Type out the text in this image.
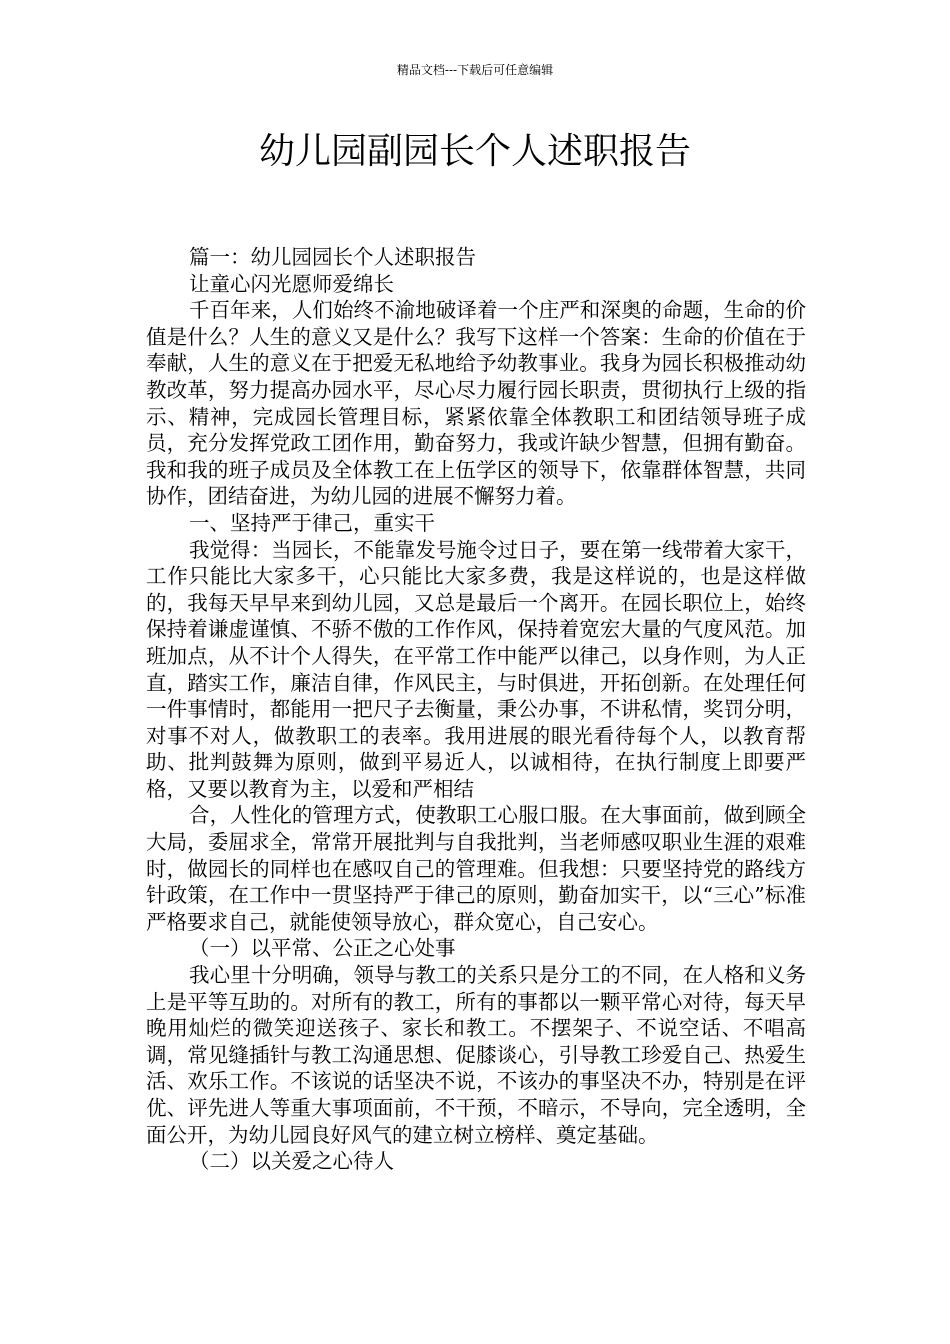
精品文档---下载后可任意编辑
幼儿园副园长个人述职报告

篇一：幼儿园园长个人述职报告

让童心闪光愿师爱绵长

千百年来，人们始终不渝地破译着一个庄严和深奥的命题，生命的价值是什么？人生的意义又是什么？我写下这样一个答案：生命的价值在于奉献，人生的意义在于把爱无私地给予幼教事业。我身为园长积极推动幼教改革，努力提高办园水平，尽心尽力履行园长职责，贯彻执行上级的指示、精神，完成园长管理目标，紧紧依靠全体教职工和团结领导班子成员，充分发挥党政工团作用，勤奋努力，我或许缺少智慧，但拥有勤奋。我和我的班子成员及全体教工在上伍学区的领导下，依靠群体智慧，共同协作，团结奋进，为幼儿园的进展不懈努力着。

一、坚持严于律己，重实干

我觉得：当园长，不能靠发号施令过日子，要在第一线带着大家干，工作只能比大家多干，心只能比大家多费，我是这样说的，也是这样做的，我每天早早来到幼儿园，又总是最后一个离开。在园长职位上，始终保持着谦虚谨慎、不骄不傲的工作作风，保持着宽宏大量的气度风范。加班加点，从不计个人得失，在平常工作中能严以律己，以身作则，为人正直，踏实工作，廉洁自律，作风民主，与时俱进，开拓创新。在处理任何一件事情时，都能用一把尺子去衡量，秉公办事，不讲私情，奖罚分明，对事不对人，做教职工的表率。我用进展的眼光看待每个人，以教育帮助、批判鼓舞为原则，做到平易近人，以诚相待，在执行制度上即要严格，又要以教育为主，以爱和严相结

合，人性化的管理方式，使教职工心服口服。在大事面前，做到顾全大局，委屈求全，常常开展批判与自我批判，当老师感叹职业生涯的艰难时，做园长的同样也在感叹自己的管理难。但我想：只要坚持党的路线方针政策，在工作中一贯坚持严于律己的原则，勤奋加实干，以“三心”标准严格要求自己，就能使领导放心，群众宽心，自己安心。

（一）以平常、公正之心处事

我心里十分明确，领导与教工的关系只是分工的不同，在人格和义务上是平等互助的。对所有的教工，所有的事都以一颗平常心对待，每天早晚用灿烂的微笑迎送孩子、家长和教工。不摆架子、不说空话、不唱高调，常见缝插针与教工沟通思想、促膝谈心，引导教工珍爱自己、热爱生活、欢乐工作。不该说的话坚决不说，不该办的事坚决不办，特别是在评优、评先进人等重大事项面前，不干预，不暗示，不导向，完全透明，全面公开，为幼儿园良好风气的建立树立榜样、奠定基础。

（二）以关爱之心待人
